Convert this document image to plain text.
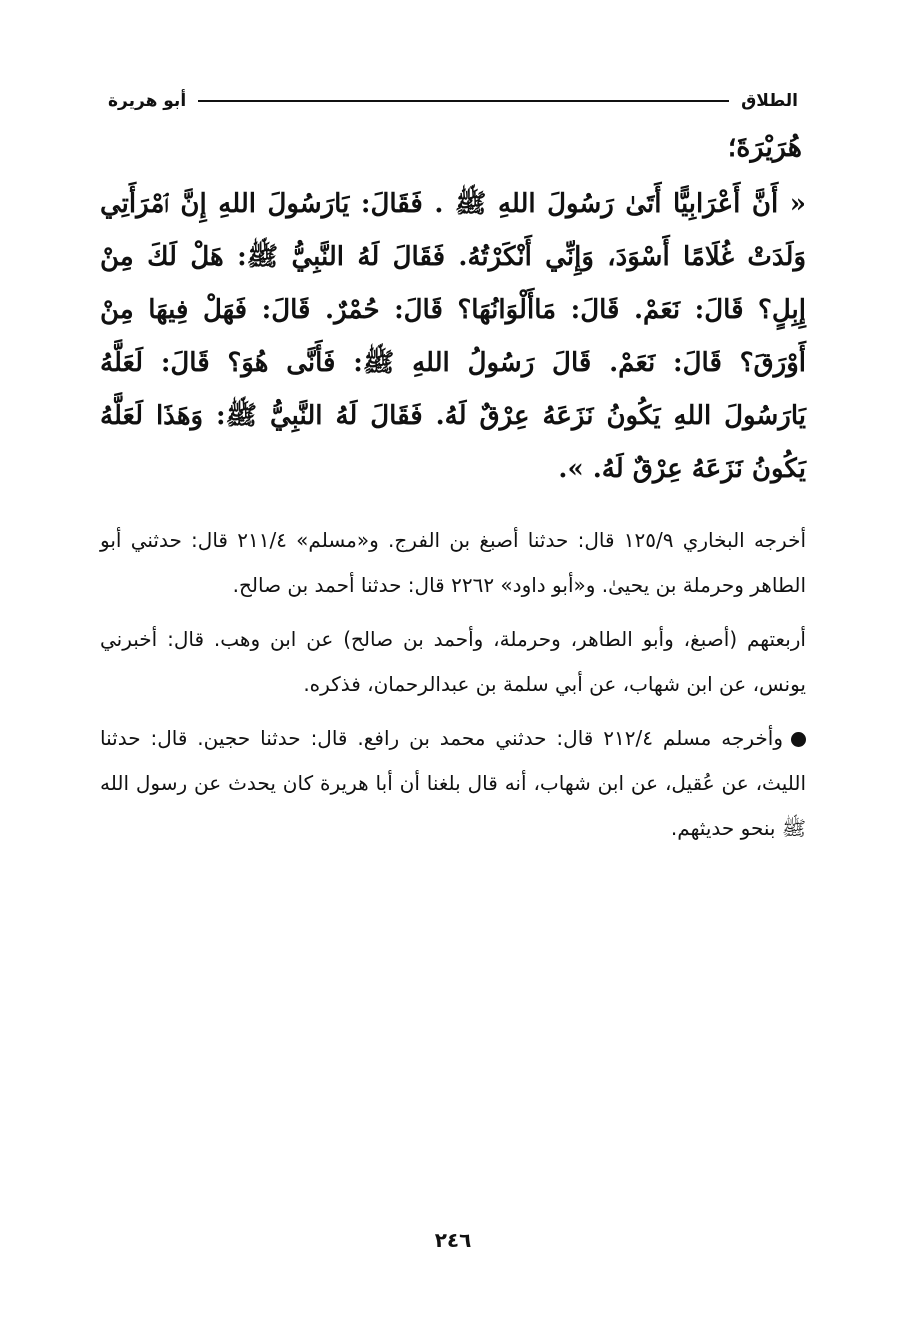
الطلاق
أبو هريرة
هُرَيْرَةَ؛

« أَنَّ أَعْرَابِيًّا أَتَىٰ رَسُولَ اللهِ ﷺ . فَقَالَ: يَارَسُولَ اللهِ إِنَّ ٱمْرَأَتِي وَلَدَتْ غُلَامًا أَسْوَدَ، وَإِنِّي أَنْكَرْتُهُ. فَقَالَ لَهُ النَّبِيُّ ﷺ: هَلْ لَكَ مِنْ إِبِلٍ؟ قَالَ: نَعَمْ. قَالَ: مَاأَلْوَانُهَا؟ قَالَ: حُمْرٌ. قَالَ: فَهَلْ فِيهَا مِنْ أَوْرَقَ؟ قَالَ: نَعَمْ. قَالَ رَسُولُ اللهِ ﷺ: فَأَنَّى هُوَ؟ قَالَ: لَعَلَّهُ يَارَسُولَ اللهِ يَكُونُ نَزَعَهُ عِرْقٌ لَهُ. فَقَالَ لَهُ النَّبِيُّ ﷺ: وَهَذَا لَعَلَّهُ يَكُونُ نَزَعَهُ عِرْقٌ لَهُ. ».

أخرجه البخاري ١٢٥/٩ قال: حدثنا أصبغ بن الفرج. و«مسلم» ٢١١/٤ قال: حدثني أبو الطاهر وحرملة بن يحيىٰ. و«أبو داود» ٢٢٦٢ قال: حدثنا أحمد بن صالح.

أربعتهم (أصبغ، وأبو الطاهر، وحرملة، وأحمد بن صالح) عن ابن وهب. قال: أخبرني يونس، عن ابن شهاب، عن أبي سلمة بن عبدالرحمان، فذكره.

وأخرجه مسلم ٢١٢/٤ قال: حدثني محمد بن رافع. قال: حدثنا حجين. قال: حدثنا الليث، عن عُقيل، عن ابن شهاب، أنه قال بلغنا أن أبا هريرة كان يحدث عن رسول الله ﷺ بنحو حديثهم.

٢٤٦
